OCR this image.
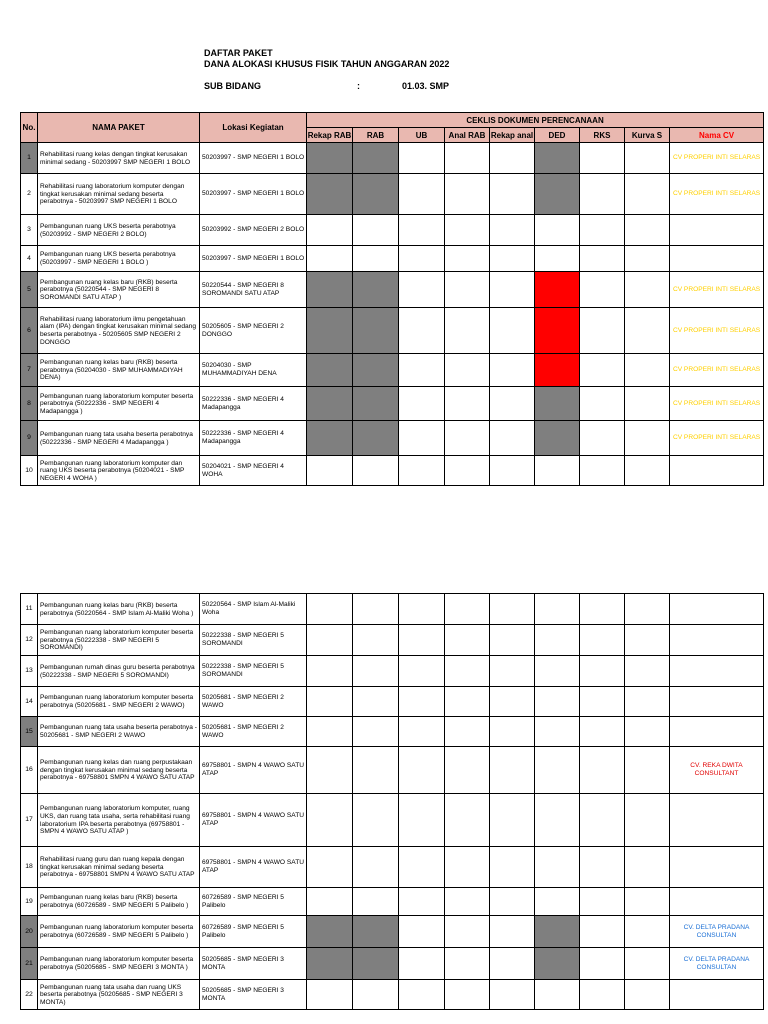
DAFTAR PAKET
DANA ALOKASI KHUSUS FISIK TAHUN ANGGARAN 2022
SUB BIDANG	:	01.03. SMP
No.	NAMA PAKET	Lokasi Kegiatan	CEKLIS DOKUMEN PERENCANAAN								
			Rekap RAB	RAB	UB	Anal RAB	Rekap anal	DED	RKS	Kurva S	Nama CV
1	Rehabilitasi ruang kelas dengan tingkat kerusakan minimal sedang - 50203997 SMP NEGERI 1 BOLO	50203997 - SMP NEGERI 1 BOLO									CV PROPERI INTI SELARAS
2	Rehabilitasi ruang laboratorium komputer dengan tingkat kerusakan minimal sedang beserta perabotnya - 50203997 SMP NEGERI 1 BOLO	50203997 - SMP NEGERI 1 BOLO									CV PROPERI INTI SELARAS
3	Pembangunan ruang UKS beserta perabotnya (50203992 - SMP NEGERI 2 BOLO)	50203992 - SMP NEGERI 2 BOLO									
4	Pembangunan ruang UKS beserta perabotnya (50203997 - SMP NEGERI 1 BOLO )	50203997 - SMP NEGERI 1 BOLO									
5	Pembangunan ruang kelas baru (RKB) beserta perabotnya (50220544 - SMP NEGERI 8 SOROMANDI SATU ATAP )	50220544 - SMP NEGERI 8 SOROMANDI SATU ATAP									CV PROPERI INTI SELARAS
6	Rehabilitasi ruang laboratorium ilmu pengetahuan alam (IPA) dengan tingkat kerusakan minimal sedang beserta perabotnya - 50205605 SMP NEGERI 2 DONGGO	50205605 - SMP NEGERI 2 DONGGO									CV PROPERI INTI SELARAS
7	Pembangunan ruang kelas baru (RKB) beserta perabotnya (50204030 - SMP MUHAMMADIYAH DENA)	50204030 - SMP MUHAMMADIYAH DENA									CV PROPERI INTI SELARAS
8	Pembangunan ruang laboratorium komputer beserta perabotnya (50222336 - SMP NEGERI 4 Madapangga )	50222336 - SMP NEGERI 4 Madapangga									CV PROPERI INTI SELARAS
9	Pembangunan ruang tata usaha beserta perabotnya (50222336 - SMP NEGERI 4 Madapangga )	50222336 - SMP NEGERI 4 Madapangga									CV PROPERI INTI SELARAS
10	Pembangunan ruang laboratorium komputer dan ruang UKS beserta perabotnya (50204021 - SMP NEGERI 4 WOHA )	50204021 - SMP NEGERI 4 WOHA									
11	Pembangunan ruang kelas baru (RKB) beserta perabotnya (50220564 - SMP Islam Al-Maliki Woha )	50220564 - SMP Islam Al-Maliki Woha									
12	Pembangunan ruang laboratorium komputer beserta perabotnya (50222338 - SMP NEGERI 5 SOROMANDI)	50222338 - SMP NEGERI 5 SOROMANDI									
13	Pembangunan rumah dinas guru beserta perabotnya (50222338 - SMP NEGERI 5 SOROMANDI)	50222338 - SMP NEGERI 5 SOROMANDI									
14	Pembangunan ruang laboratorium komputer beserta perabotnya (50205681 - SMP NEGERI 2 WAWO)	50205681 - SMP NEGERI 2 WAWO									
15	Pembangunan ruang tata usaha beserta perabotnya - 50205681 - SMP NEGERI 2 WAWO	50205681 - SMP NEGERI 2 WAWO									
16	Pembangunan ruang kelas dan ruang perpustakaan dengan tingkat kerusakan minimal sedang beserta perabotnya - 69758801 SMPN 4 WAWO SATU ATAP	69758801 - SMPN 4 WAWO SATU ATAP									CV. REKA DWITA CONSULTANT
17	Pembangunan ruang laboratorium komputer, ruang UKS, dan ruang tata usaha, serta rehabilitasi ruang laboratorium IPA beserta perabotnya (69758801 - SMPN 4 WAWO SATU ATAP )	69758801 - SMPN 4 WAWO SATU ATAP									
18	Rehabilitasi ruang guru dan ruang kepala dengan tingkat kerusakan minimal sedang beserta perabotnya - 69758801 SMPN 4 WAWO SATU ATAP	69758801 - SMPN 4 WAWO SATU ATAP									
19	Pembangunan ruang kelas baru (RKB) beserta perabotnya (60726589 - SMP NEGERI 5 Palibelo )	60726589 - SMP NEGERI 5 Palibelo									
20	Pembangunan ruang laboratorium komputer beserta perabotnya (60726589 - SMP NEGERI 5 Palibelo )	60726589 - SMP NEGERI 5 Palibelo									CV. DELTA PRADANA CONSULTAN
21	Pembangunan ruang laboratorium komputer beserta perabotnya (50205685 - SMP NEGERI 3 MONTA )	50205685 - SMP NEGERI 3 MONTA									CV. DELTA PRADANA CONSULTAN
22	Pembangunan ruang tata usaha dan ruang UKS beserta perabotnya (50205685 - SMP NEGERI 3 MONTA)	50205685 - SMP NEGERI 3 MONTA									
